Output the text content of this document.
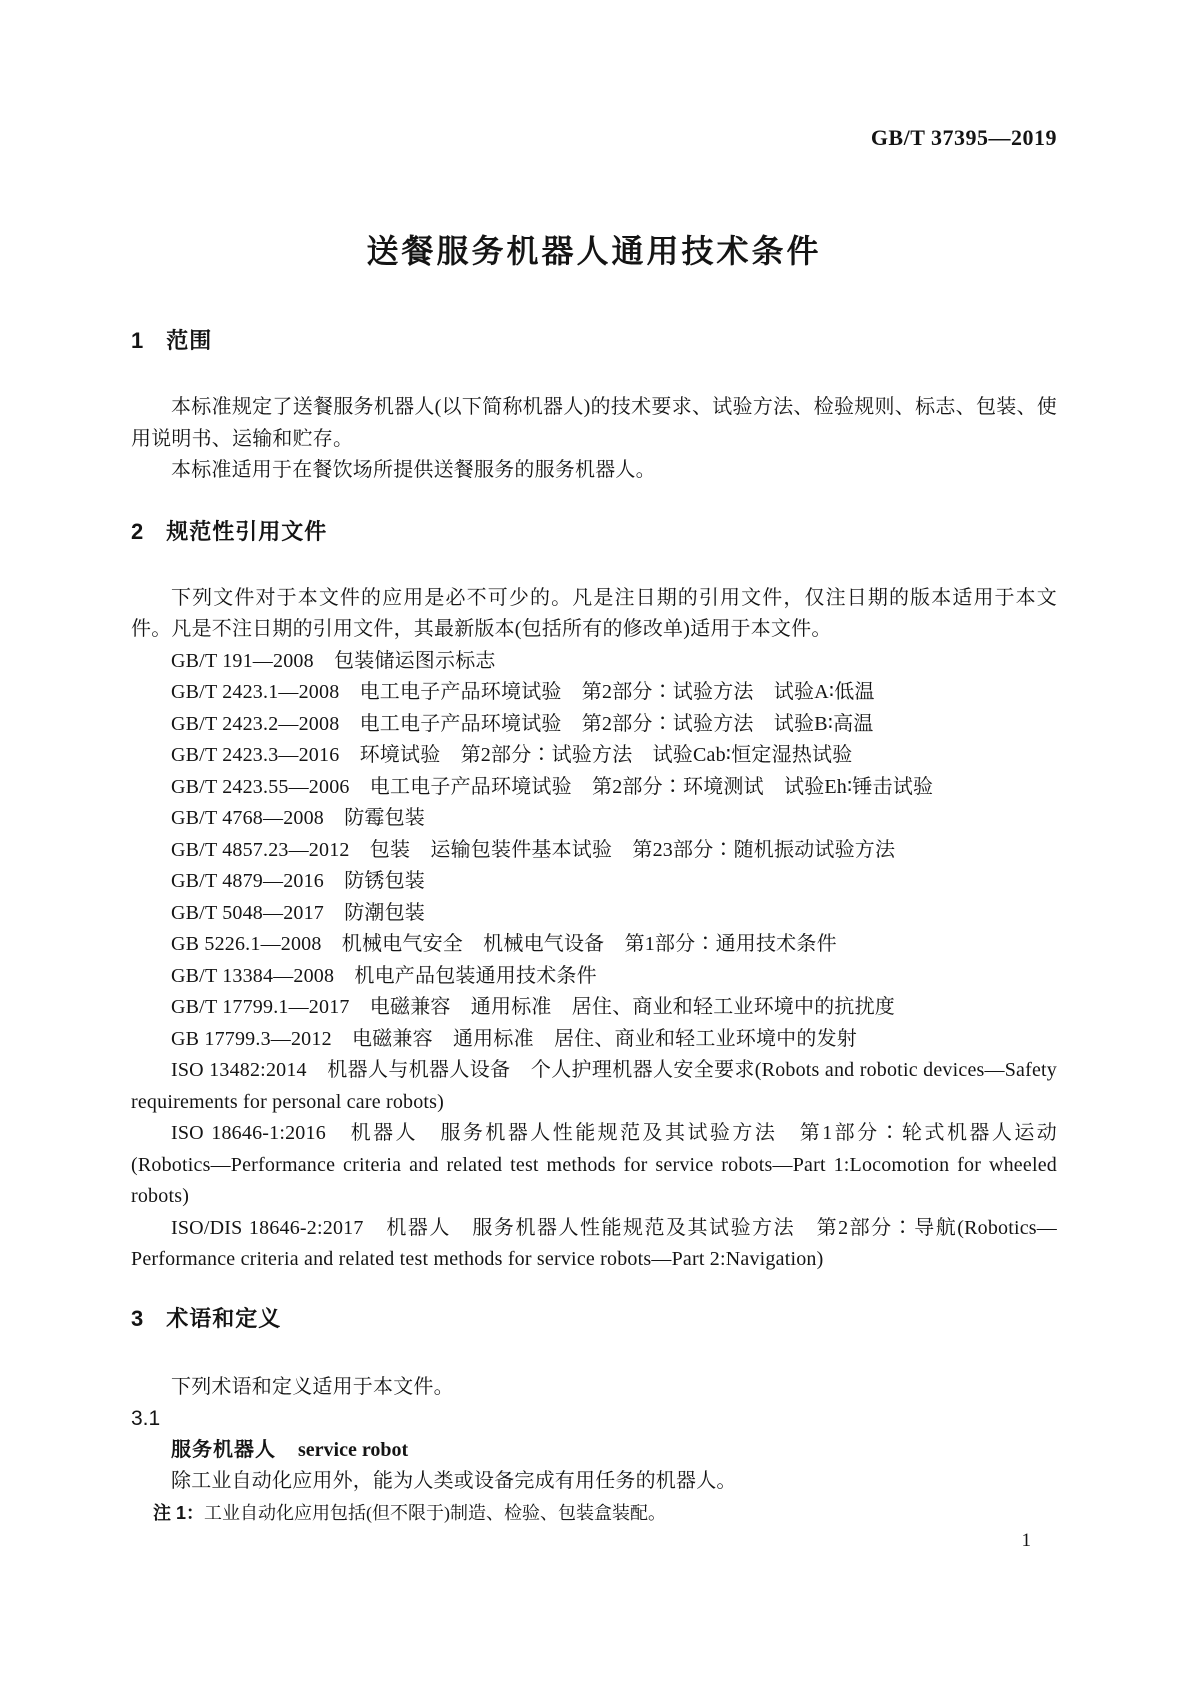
GB/T 37395—2019
送餐服务机器人通用技术条件
1 范围

本标准规定了送餐服务机器人(以下简称机器人)的技术要求、试验方法、检验规则、标志、包装、使用说明书、运输和贮存。

本标准适用于在餐饮场所提供送餐服务的服务机器人。

2 规范性引用文件

下列文件对于本文件的应用是必不可少的。凡是注日期的引用文件，仅注日期的版本适用于本文件。凡是不注日期的引用文件，其最新版本(包括所有的修改单)适用于本文件。

GB/T 191—2008　包装储运图示标志

GB/T 2423.1—2008　电工电子产品环境试验　第2部分∶试验方法　试验A∶低温

GB/T 2423.2—2008　电工电子产品环境试验　第2部分∶试验方法　试验B∶高温

GB/T 2423.3—2016　环境试验　第2部分∶试验方法　试验Cab∶恒定湿热试验

GB/T 2423.55—2006　电工电子产品环境试验　第2部分∶环境测试　试验Eh∶锤击试验

GB/T 4768—2008　防霉包装

GB/T 4857.23—2012　包装　运输包装件基本试验　第23部分∶随机振动试验方法

GB/T 4879—2016　防锈包装

GB/T 5048—2017　防潮包装

GB 5226.1—2008　机械电气安全　机械电气设备　第1部分∶通用技术条件

GB/T 13384—2008　机电产品包装通用技术条件

GB/T 17799.1—2017　电磁兼容　通用标准　居住、商业和轻工业环境中的抗扰度

GB 17799.3—2012　电磁兼容　通用标准　居住、商业和轻工业环境中的发射

ISO 13482:2014　机器人与机器人设备　个人护理机器人安全要求(Robots and robotic devices—Safety requirements for personal care robots)

ISO 18646-1:2016　机器人　服务机器人性能规范及其试验方法　第1部分∶轮式机器人运动(Robotics—Performance criteria and related test methods for service robots—Part 1:Locomotion for wheeled robots)

ISO/DIS 18646-2:2017　机器人　服务机器人性能规范及其试验方法　第2部分∶导航(Robotics—Performance criteria and related test methods for service robots—Part 2:Navigation)

3 术语和定义

下列术语和定义适用于本文件。

3.1
服务机器人 service robot

除工业自动化应用外，能为人类或设备完成有用任务的机器人。

注 1：工业自动化应用包括(但不限于)制造、检验、包装盒装配。
1
